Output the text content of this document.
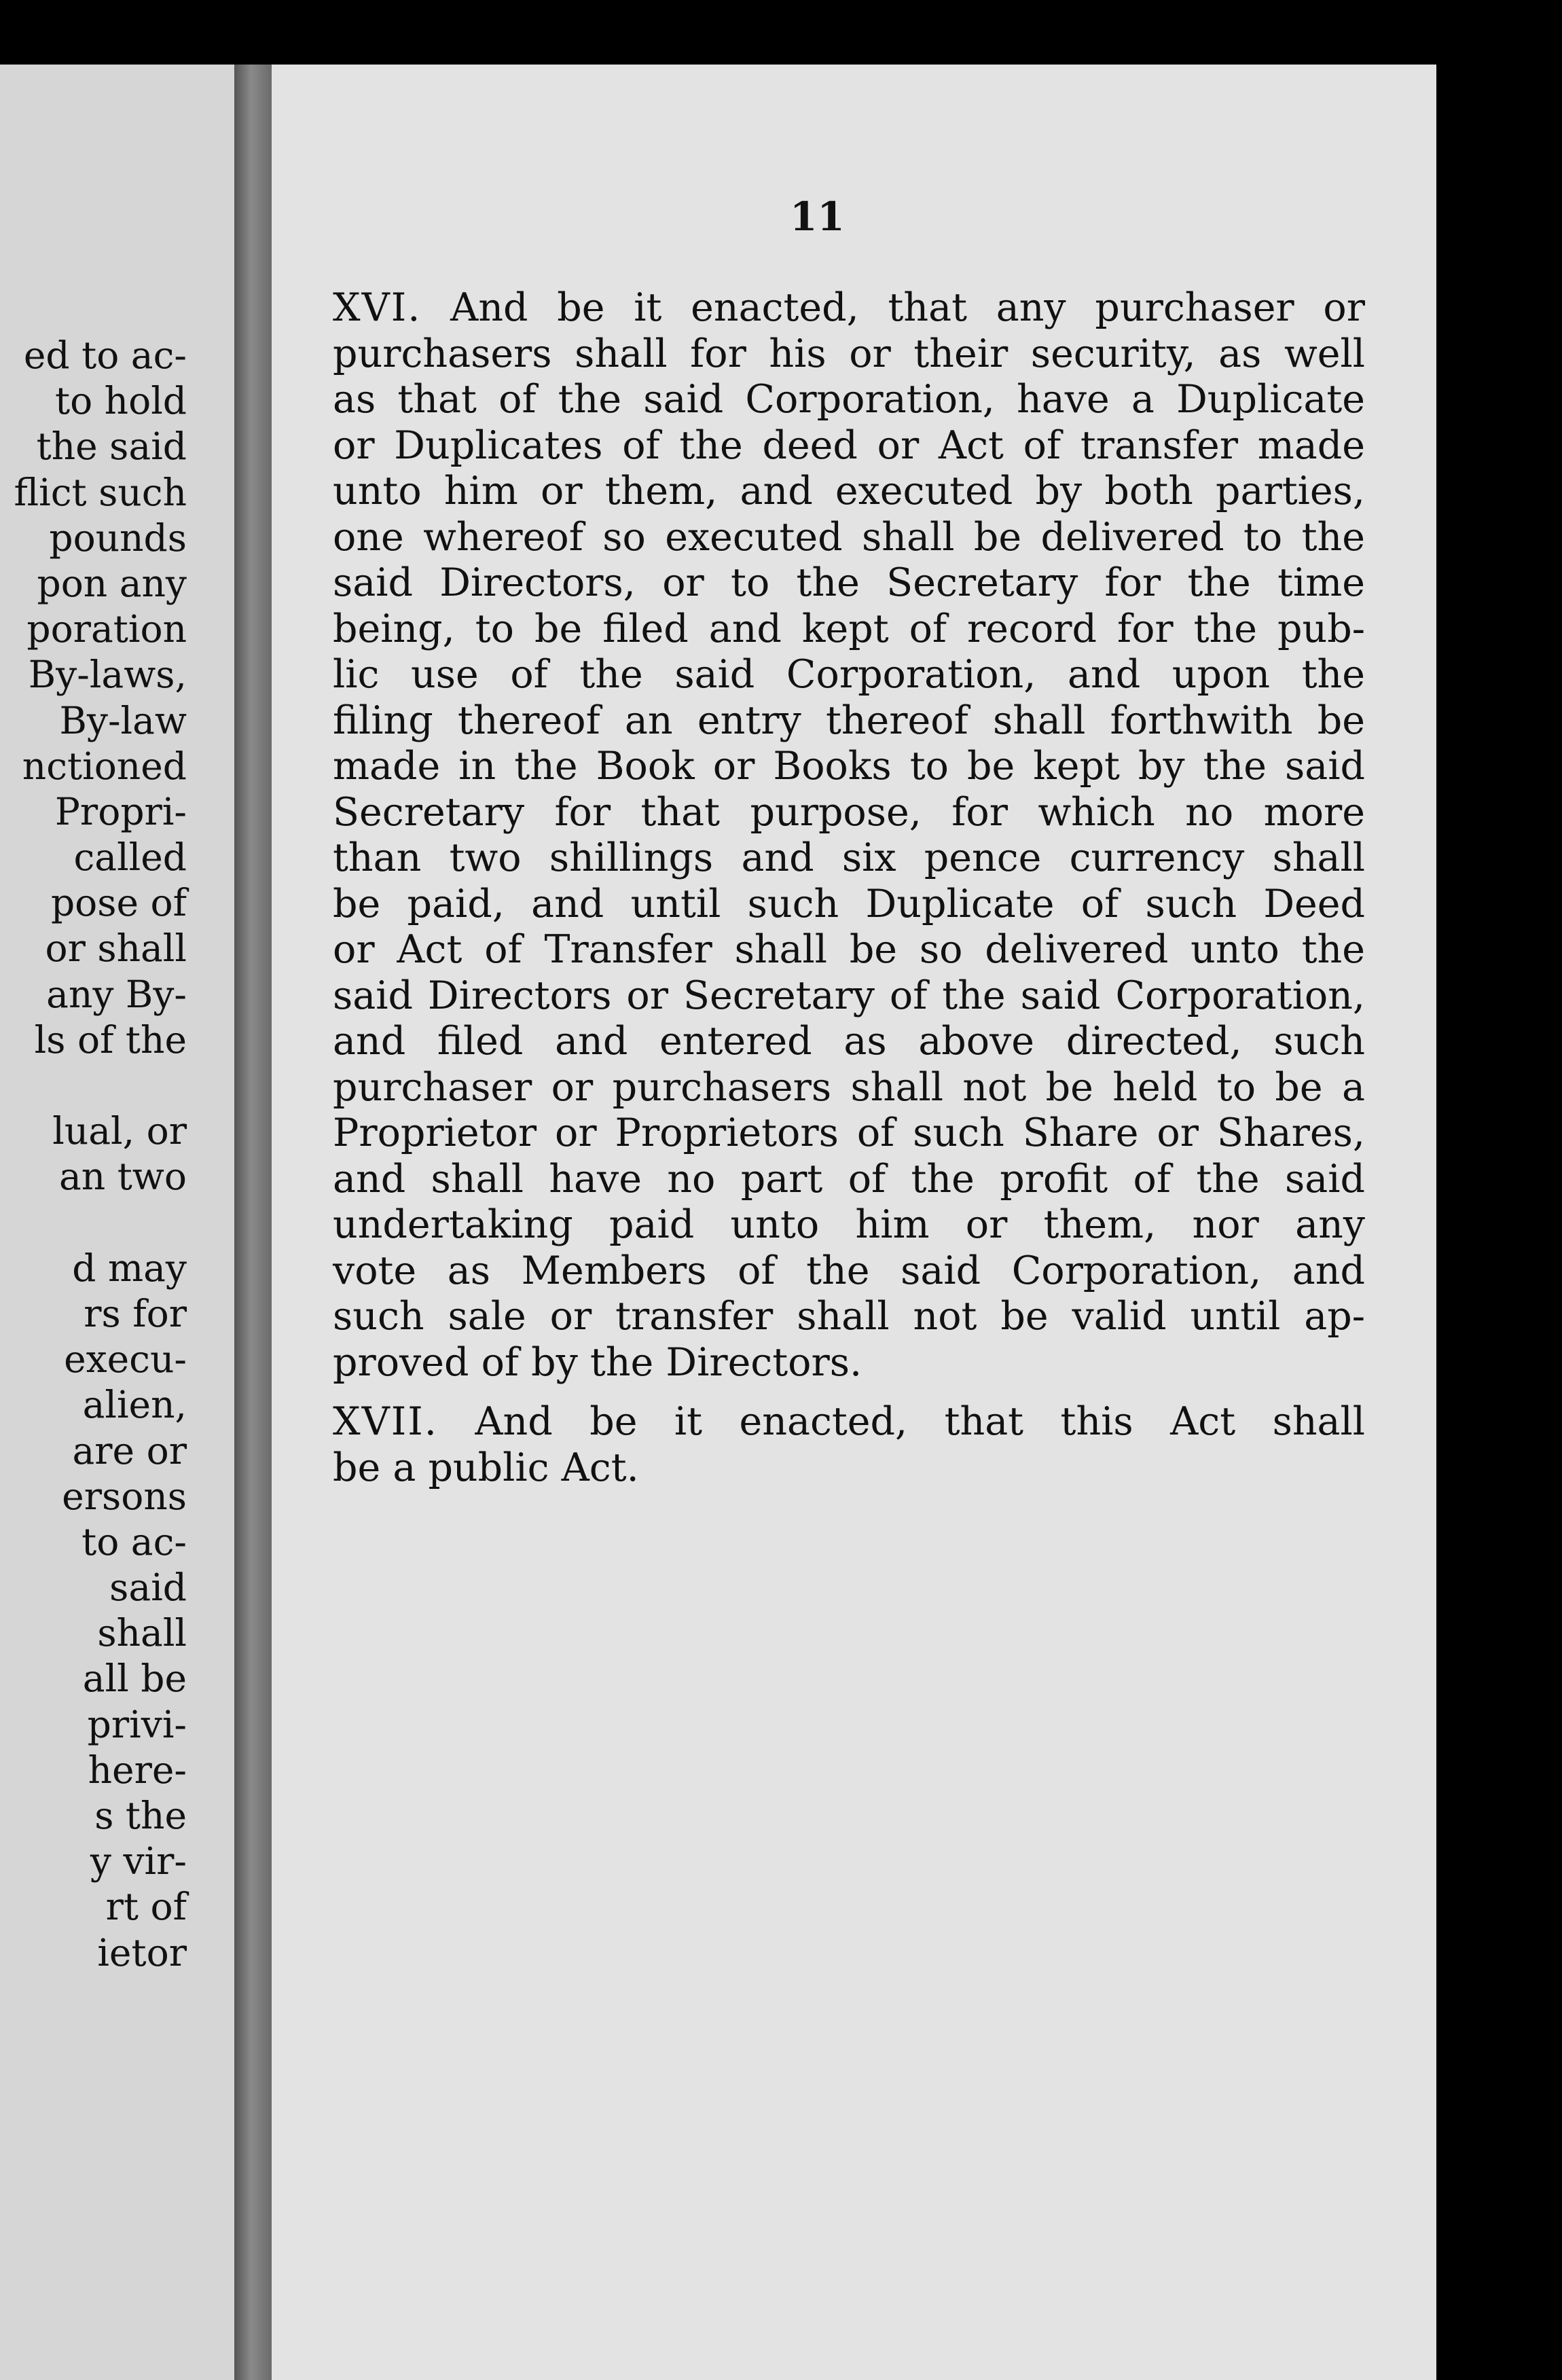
ed to ac-
to hold
the said
flict such
pounds
pon any
poration
By-laws,
By-law
nctioned
Propri-
called
pose of
or shall
any By-
ls of the
lual, or
an two
d may
rs for
execu-
alien,
are or
ersons
to ac-
said
shall
all be
privi-
here-
s the
y vir-
rt of
ietor
11
XVI. And be it enacted, that any purchaser or
purchasers shall for his or their security, as well
as that of the said Corporation, have a Duplicate
or Duplicates of the deed or Act of transfer made
unto him or them, and executed by both parties,
one whereof so executed shall be delivered to the
said Directors, or to the Secretary for the time
being, to be filed and kept of record for the pub-
lic use of the said Corporation, and upon the
filing thereof an entry thereof shall forthwith be
made in the Book or Books to be kept by the said
Secretary for that purpose, for which no more
than two shillings and six pence currency shall
be paid, and until such Duplicate of such Deed
or Act of Transfer shall be so delivered unto the
said Directors or Secretary of the said Corporation,
and filed and entered as above directed, such
purchaser or purchasers shall not be held to be a
Proprietor or Proprietors of such Share or Shares,
and shall have no part of the profit of the said
undertaking paid unto him or them, nor any
vote as Members of the said Corporation, and
such sale or transfer shall not be valid until ap-
proved of by the Directors.
XVII. And be it enacted, that this Act shall
be a public Act.
